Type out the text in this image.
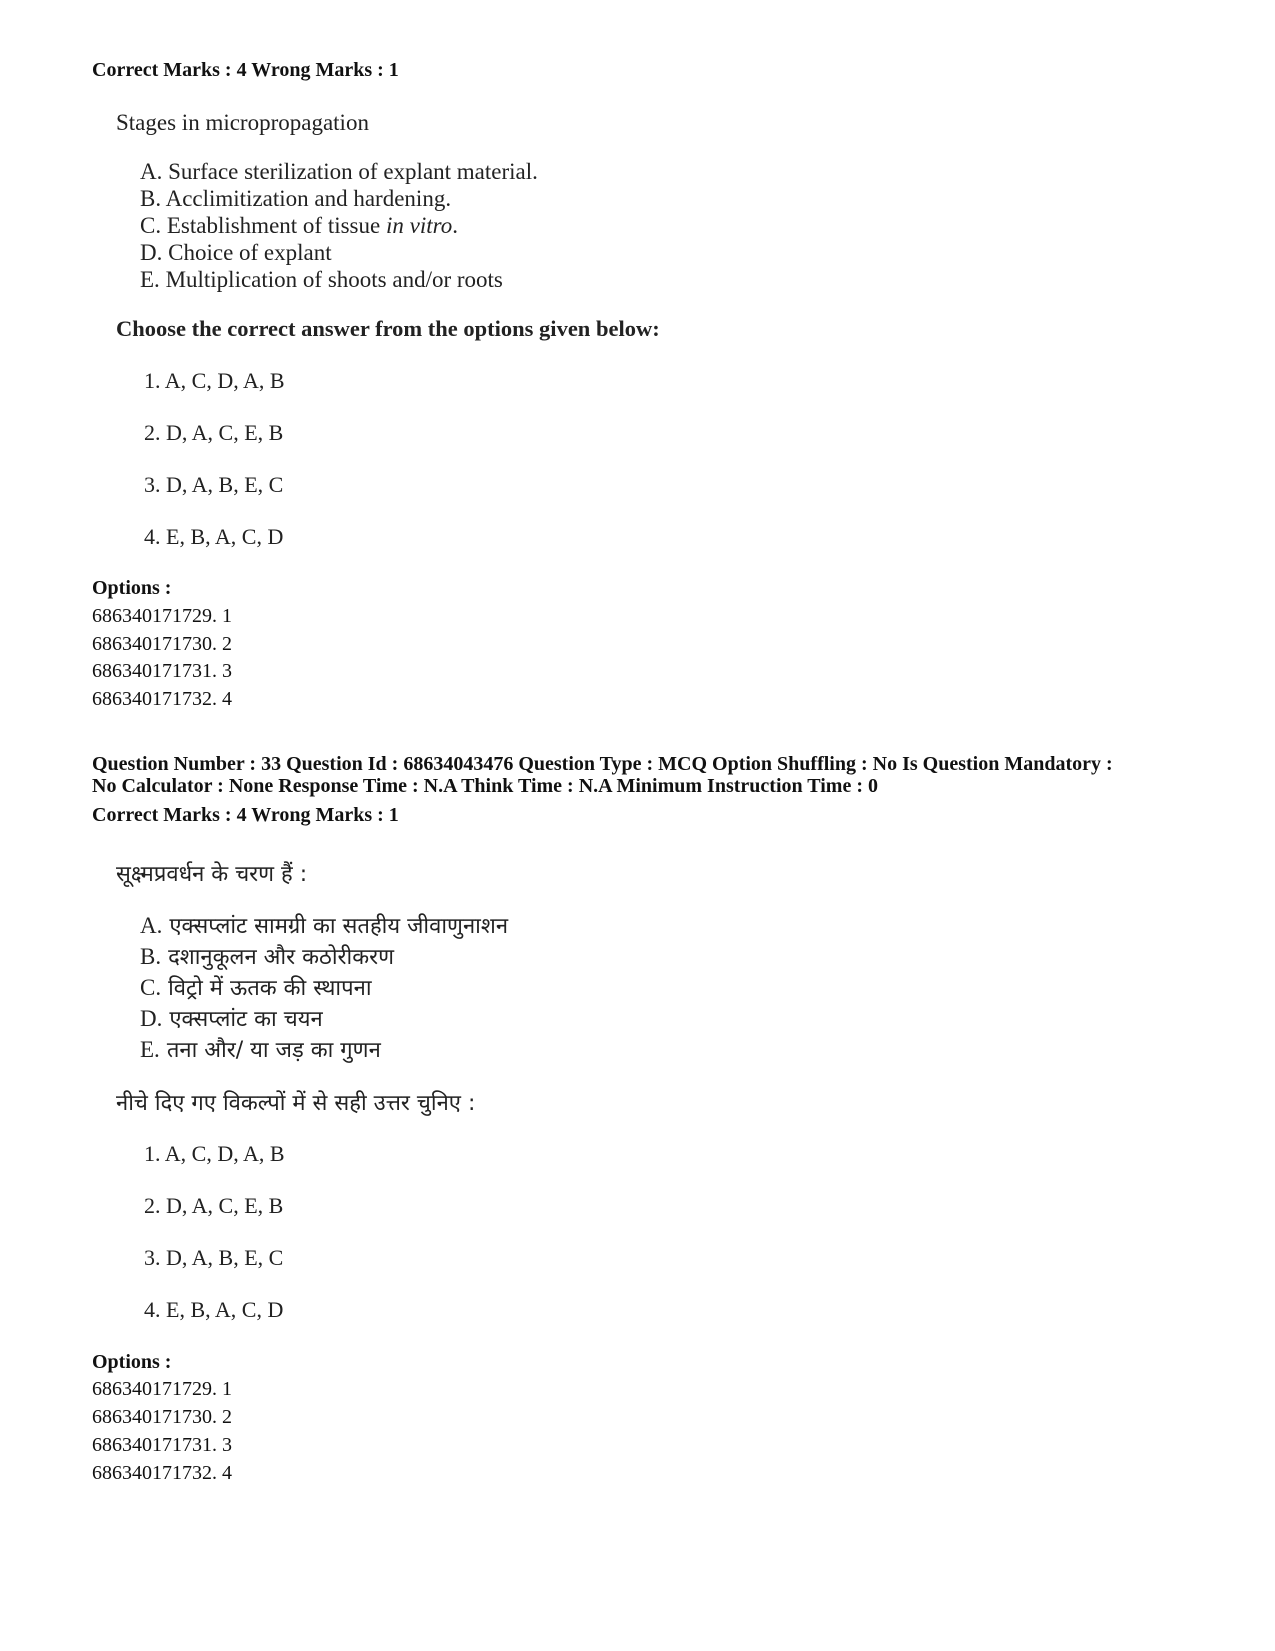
Correct Marks : 4 Wrong Marks : 1
Stages in micropropagation
A. Surface sterilization of explant material.
B. Acclimitization and hardening.
C. Establishment of tissue in vitro.
D. Choice of explant
E. Multiplication of shoots and/or roots
Choose the correct answer from the options given below:
1. A, C, D, A, B
2. D, A, C, E, B
3. D, A, B, E, C
4. E, B, A, C, D
Options :
686340171729. 1
686340171730. 2
686340171731. 3
686340171732. 4
Question Number : 33 Question Id : 68634043476 Question Type : MCQ Option Shuffling : No Is Question Mandatory :
No Calculator : None Response Time : N.A Think Time : N.A Minimum Instruction Time : 0
Correct Marks : 4 Wrong Marks : 1
सूक्ष्मप्रवर्धन के चरण हैं :
A. एक्सप्लांट सामग्री का सतहीय जीवाणुनाशन
B. दशानुकूलन और कठोरीकरण
C. विट्रो में ऊतक की स्थापना
D. एक्सप्लांट का चयन
E. तना और/ या जड़ का गुणन
नीचे दिए गए विकल्पों में से सही उत्तर चुनिए :
1. A, C, D, A, B
2. D, A, C, E, B
3. D, A, B, E, C
4. E, B, A, C, D
Options :
686340171729. 1
686340171730. 2
686340171731. 3
686340171732. 4
